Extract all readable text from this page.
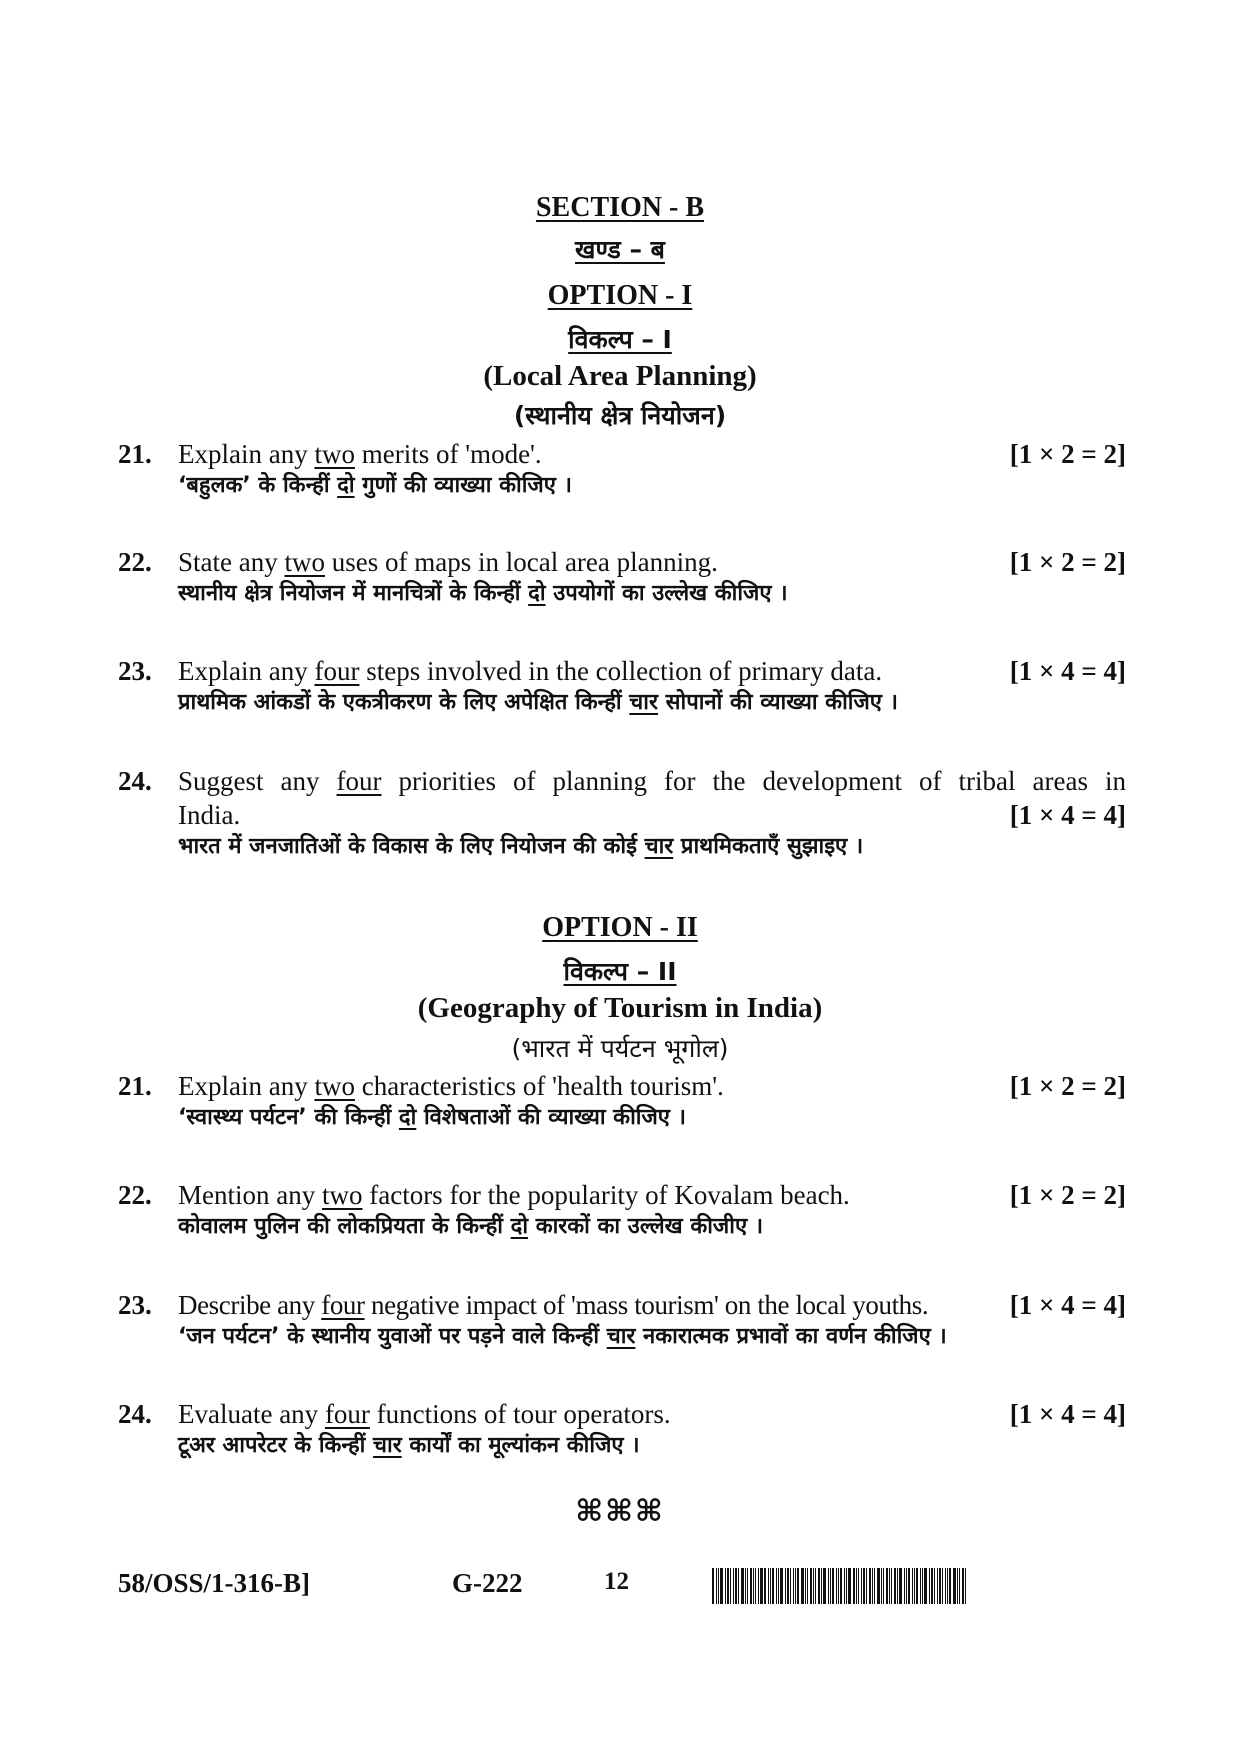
SECTION - B
खण्ड – ब
OPTION - I
विकल्प – I
(Local Area Planning)
(स्थानीय क्षेत्र नियोजन)
21. Explain any two merits of 'mode'.	[1 × 2 = 2]
‘बहुलक’ के किन्हीं दो गुणों की व्याख्या कीजिए ।
22. State any two uses of maps in local area planning.	[1 × 2 = 2]
स्थानीय क्षेत्र नियोजन में मानचित्रों के किन्हीं दो उपयोगों का उल्लेख कीजिए ।
23. Explain any four steps involved in the collection of primary data.	[1 × 4 = 4]
प्राथमिक आंकडों के एकत्रीकरण के लिए अपेक्षित किन्हीं चार सोपानों की व्याख्या कीजिए ।
24. Suggest any four priorities of planning for the development of tribal areas in
India.	[1 × 4 = 4]
भारत में जनजातिओं के विकास के लिए नियोजन की कोई चार प्राथमिकताएँ सुझाइए ।
OPTION - II
विकल्प – II
(Geography of Tourism in India)
(भारत में पर्यटन भूगोल)
21. Explain any two characteristics of 'health tourism'.	[1 × 2 = 2]
‘स्वास्थ्य पर्यटन’ की किन्हीं दो विशेषताओं की व्याख्या कीजिए ।
22. Mention any two factors for the popularity of Kovalam beach.	[1 × 2 = 2]
कोवालम पुलिन की लोकप्रियता के किन्हीं दो कारकों का उल्लेख कीजीए ।
23. Describe any four negative impact of 'mass tourism' on the local youths.	[1 × 4 = 4]
‘जन पर्यटन’ के स्थानीय युवाओं पर पड़ने वाले किन्हीं चार नकारात्मक प्रभावों का वर्णन कीजिए ।
24. Evaluate any four functions of tour operators.	[1 × 4 = 4]
टूअर आपरेटर के किन्हीं चार कार्यों का मूल्यांकन कीजिए ।
⌘⌘⌘
58/OSS/1-316-B]	G-222	12
